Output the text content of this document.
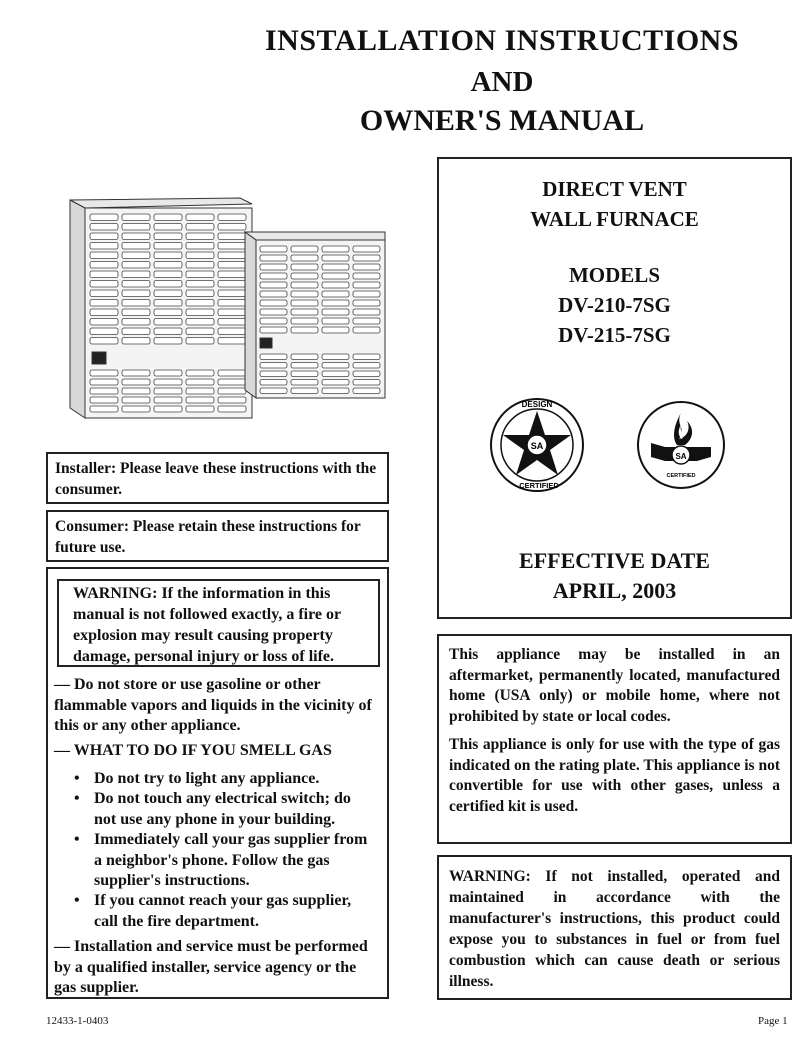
INSTALLATION INSTRUCTIONS
AND
OWNER'S MANUAL
DIRECT VENT
WALL FURNACE
MODELS
DV-210-7SG
DV-215-7SG
SA
DESIGN
CERTIFIED
SA
CERTIFIED
EFFECTIVE DATE
APRIL, 2003
Installer: Please leave these instructions with the consumer.
Consumer: Please retain these instructions for future use.
WARNING: If the information in this manual is not followed exactly, a fire or explosion may result causing property damage, personal injury or loss of life.
— Do not store or use gasoline or other flammable vapors and liquids in the vicinity of this or any other appliance.
— WHAT TO DO IF YOU SMELL GAS
• Do not try to light any appliance.
• Do not touch any electrical switch; do not use any phone in your building.
• Immediately call your gas supplier from a neighbor's phone. Follow the gas supplier's instructions.
• If you cannot reach your gas supplier, call the fire department.
— Installation and service must be performed by a qualified installer, service agency or the gas supplier.

This appliance may be installed in an aftermarket, permanently located, manufactured home (USA only) or mobile home, where not prohibited by state or local codes.

This appliance is only for use with the type of gas indicated on the rating plate. This appliance is not convertible for use with other gases, unless a certified kit is used.

WARNING: If not installed, operated and maintained in accordance with the manufacturer's instructions, this product could expose you to substances in fuel or from fuel combustion which can cause death or serious illness.
12433-1-0403	Page 1
